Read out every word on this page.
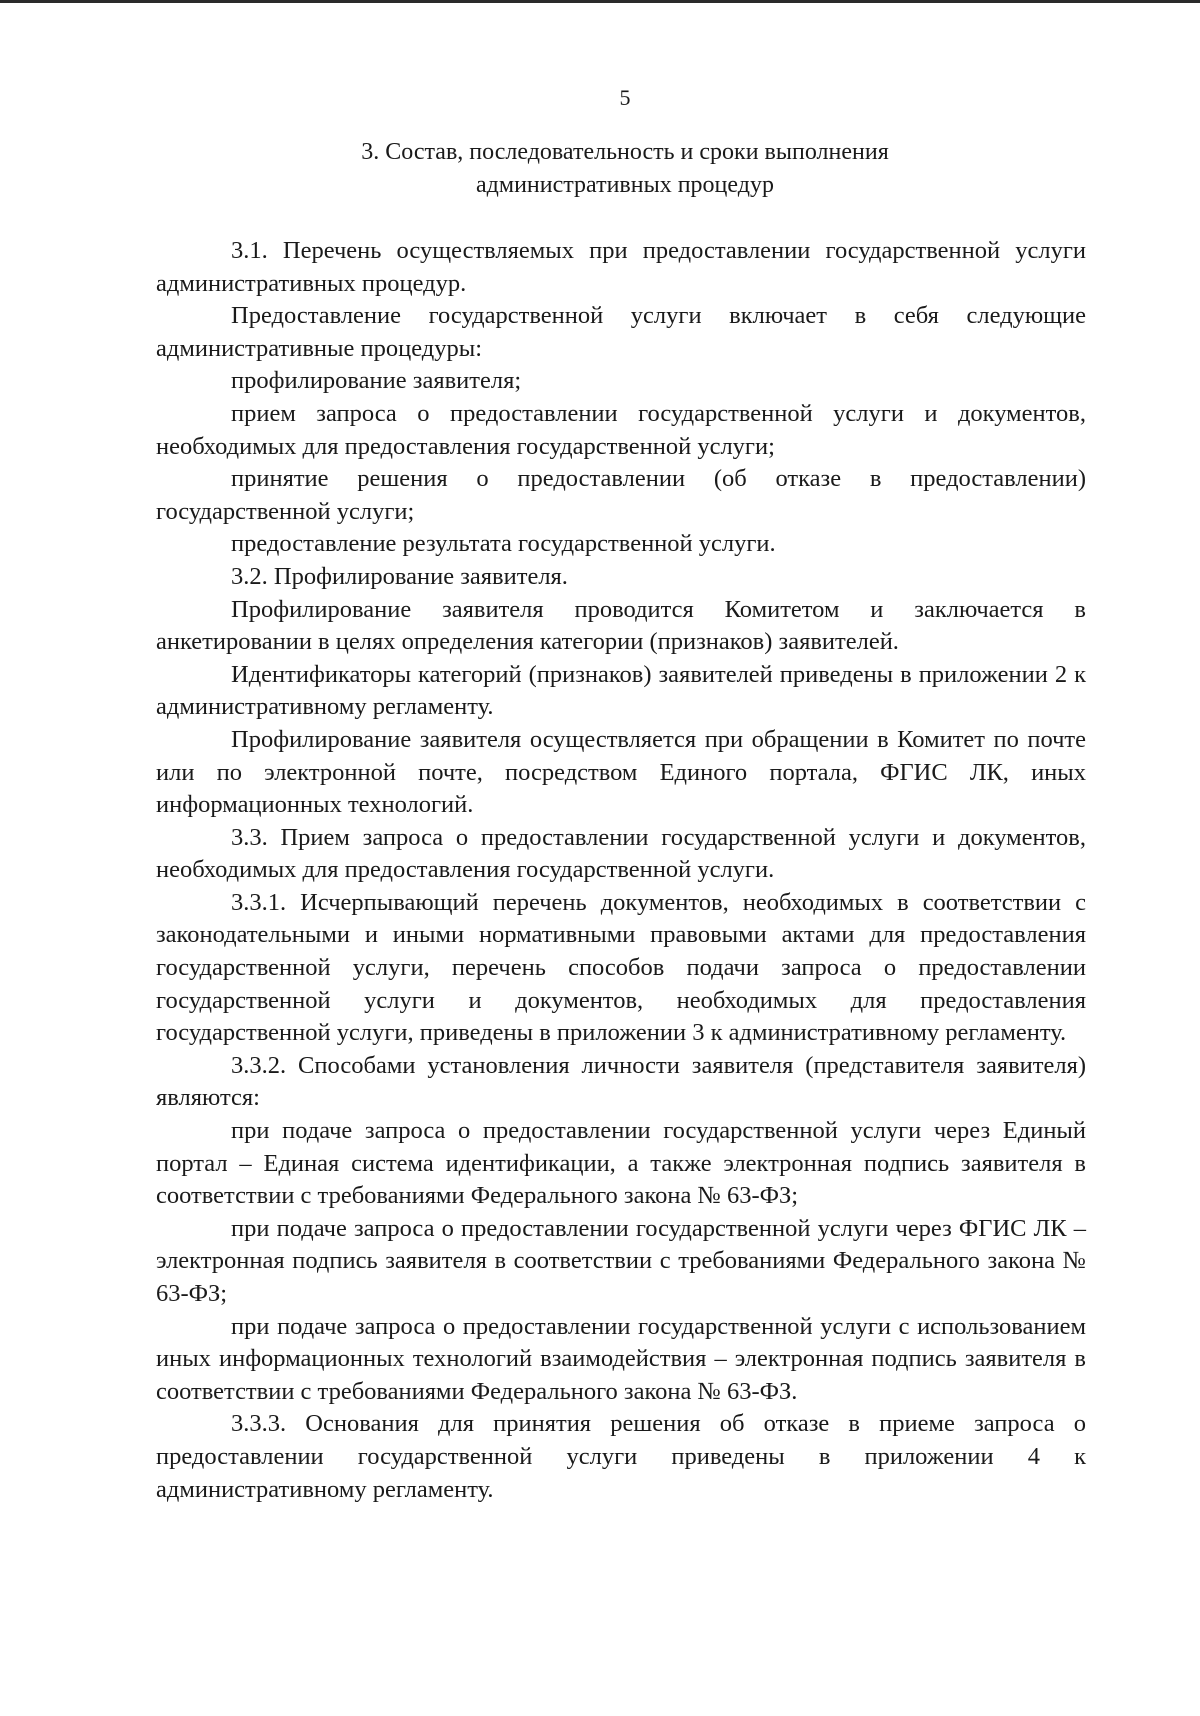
5
3. Состав, последовательность и сроки выполнения
административных процедур

3.1. Перечень осуществляемых при предоставлении государственной услуги административных процедур.

Предоставление государственной услуги включает в себя следующие административные процедуры:

профилирование заявителя;

прием запроса о предоставлении государственной услуги и документов, необходимых для предоставления государственной услуги;

принятие решения о предоставлении (об отказе в предоставлении) государственной услуги;

предоставление результата государственной услуги.

3.2. Профилирование заявителя.

Профилирование заявителя проводится Комитетом и заключается в анкетировании в целях определения категории (признаков) заявителей.

Идентификаторы категорий (признаков) заявителей приведены в приложении 2 к административному регламенту.

Профилирование заявителя осуществляется при обращении в Комитет по почте или по электронной почте, посредством Единого портала, ФГИС ЛК, иных информационных технологий.

3.3. Прием запроса о предоставлении государственной услуги и документов, необходимых для предоставления государственной услуги.

3.3.1. Исчерпывающий перечень документов, необходимых в соответствии с законодательными и иными нормативными правовыми актами для предоставления государственной услуги, перечень способов подачи запроса о предоставлении государственной услуги и документов, необходимых для предоставления государственной услуги, приведены в приложении 3 к административному регламенту.

3.3.2. Способами установления личности заявителя (представителя заявителя) являются:

при подаче запроса о предоставлении государственной услуги через Единый портал – Единая система идентификации, а также электронная подпись заявителя в соответствии с требованиями Федерального закона № 63-ФЗ;

при подаче запроса о предоставлении государственной услуги через ФГИС ЛК – электронная подпись заявителя в соответствии с требованиями Федерального закона № 63-ФЗ;

при подаче запроса о предоставлении государственной услуги с использованием иных информационных технологий взаимодействия – электронная подпись заявителя в соответствии с требованиями Федерального закона № 63-ФЗ.

3.3.3. Основания для принятия решения об отказе в приеме запроса о предоставлении государственной услуги приведены в приложении 4 к административному регламенту.
